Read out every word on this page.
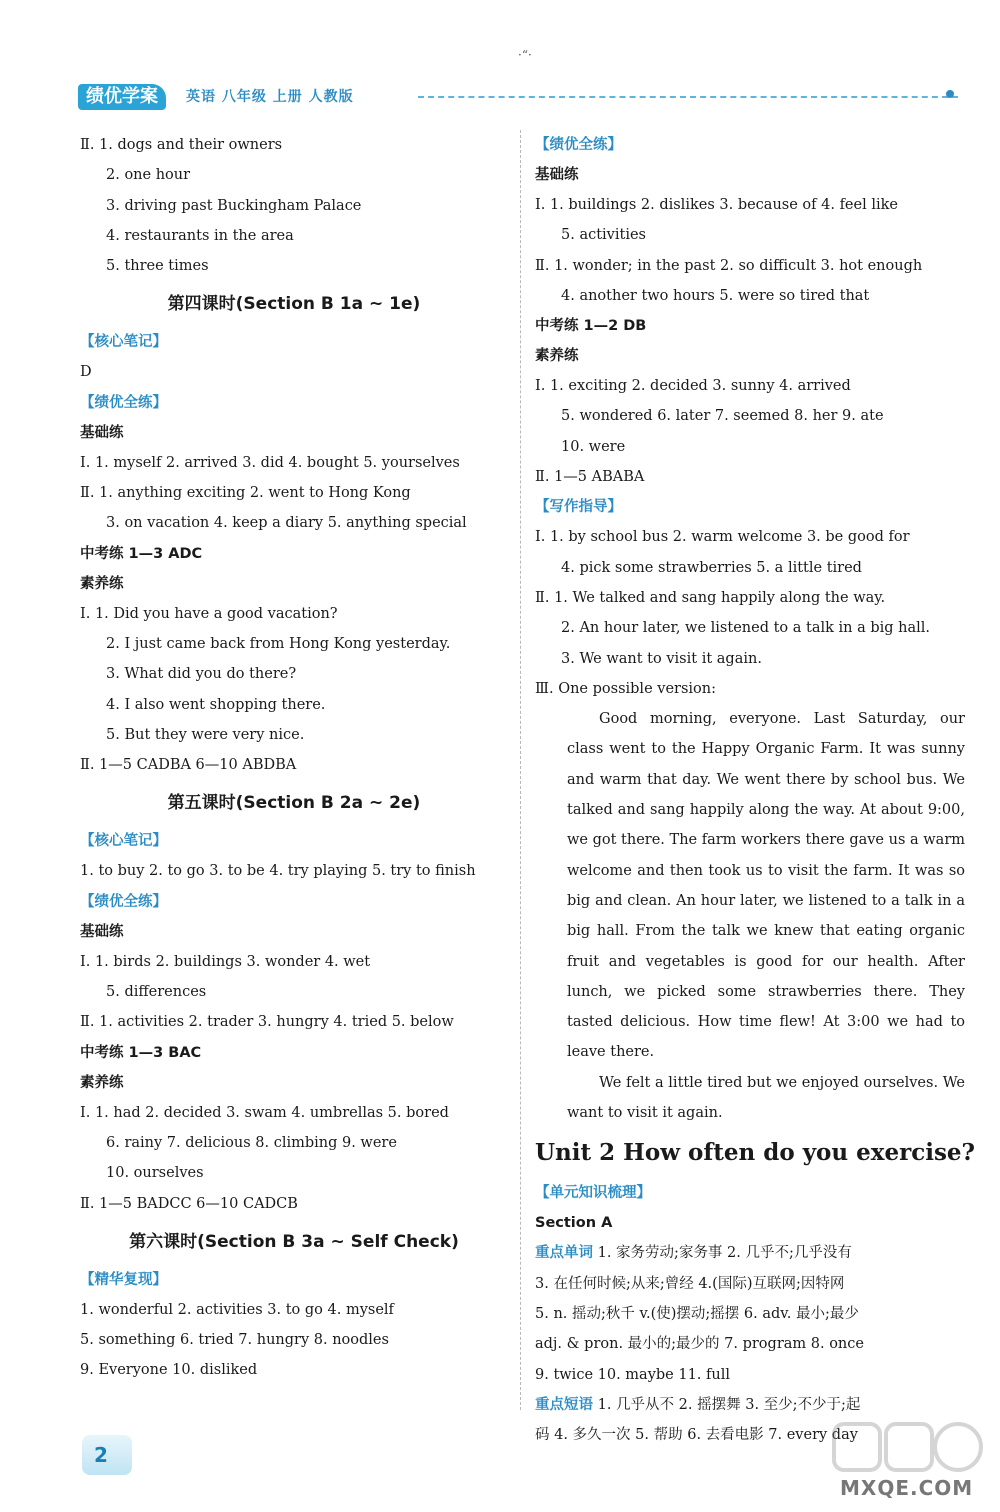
·“·
绩优学案	英语 八年级 上册 人教版
Ⅱ. 1. dogs and their owners
2. one hour
3. driving past Buckingham Palace
4. restaurants in the area
5. three times
第四课时(Section B 1a ~ 1e)
【核心笔记】
D
【绩优全练】
基础练
Ⅰ. 1. myself 2. arrived 3. did 4. bought 5. yourselves
Ⅱ. 1. anything exciting 2. went to Hong Kong
3. on vacation 4. keep a diary 5. anything special
中考练 1—3 ADC
素养练
Ⅰ. 1. Did you have a good vacation?
2. I just came back from Hong Kong yesterday.
3. What did you do there?
4. I also went shopping there.
5. But they were very nice.
Ⅱ. 1—5 CADBA 6—10 ABDBA
第五课时(Section B 2a ~ 2e)
【核心笔记】
1. to buy 2. to go 3. to be 4. try playing 5. try to finish
【绩优全练】
基础练
Ⅰ. 1. birds 2. buildings 3. wonder 4. wet
5. differences
Ⅱ. 1. activities 2. trader 3. hungry 4. tried 5. below
中考练 1—3 BAC
素养练
Ⅰ. 1. had 2. decided 3. swam 4. umbrellas 5. bored
6. rainy 7. delicious 8. climbing 9. were
10. ourselves
Ⅱ. 1—5 BADCC 6—10 CADCB
第六课时(Section B 3a ~ Self Check)
【精华复现】
1. wonderful 2. activities 3. to go 4. myself
5. something 6. tried 7. hungry 8. noodles
9. Everyone 10. disliked
【绩优全练】
基础练
Ⅰ. 1. buildings 2. dislikes 3. because of 4. feel like
5. activities
Ⅱ. 1. wonder; in the past 2. so difficult 3. hot enough
4. another two hours 5. were so tired that
中考练 1—2 DB
素养练
Ⅰ. 1. exciting 2. decided 3. sunny 4. arrived
5. wondered 6. later 7. seemed 8. her 9. ate
10. were
Ⅱ. 1—5 ABABA
【写作指导】
Ⅰ. 1. by school bus 2. warm welcome 3. be good for
4. pick some strawberries 5. a little tired
Ⅱ. 1. We talked and sang happily along the way.
2. An hour later, we listened to a talk in a big hall.
3. We want to visit it again.
Ⅲ. One possible version:

Good morning, everyone. Last Saturday, our class went to the Happy Organic Farm. It was sunny and warm that day. We went there by school bus. We talked and sang happily along the way. At about 9:00, we got there. The farm workers there gave us a warm welcome and then took us to visit the farm. It was so big and clean. An hour later, we listened to a talk in a big hall. From the talk we knew that eating organic fruit and vegetables is good for our health. After lunch, we picked some strawberries there. They tasted delicious. How time flew! At 3:00 we had to leave there.

We felt a little tired but we enjoyed ourselves. We want to visit it again.

Unit 2 How often do you exercise?
【单元知识梳理】
Section A
重点单词 1. 家务劳动;家务事 2. 几乎不;几乎没有
3. 在任何时候;从来;曾经 4.(国际)互联网;因特网
5. n. 摇动;秋千 v.(使)摆动;摇摆 6. adv. 最小;最少
adj. & pron. 最小的;最少的 7. program 8. once
9. twice 10. maybe 11. full
重点短语 1. 几乎从不 2. 摇摆舞 3. 至少;不少于;起
码 4. 多久一次 5. 帮助 6. 去看电影 7. every day
2
MXQE.COM
